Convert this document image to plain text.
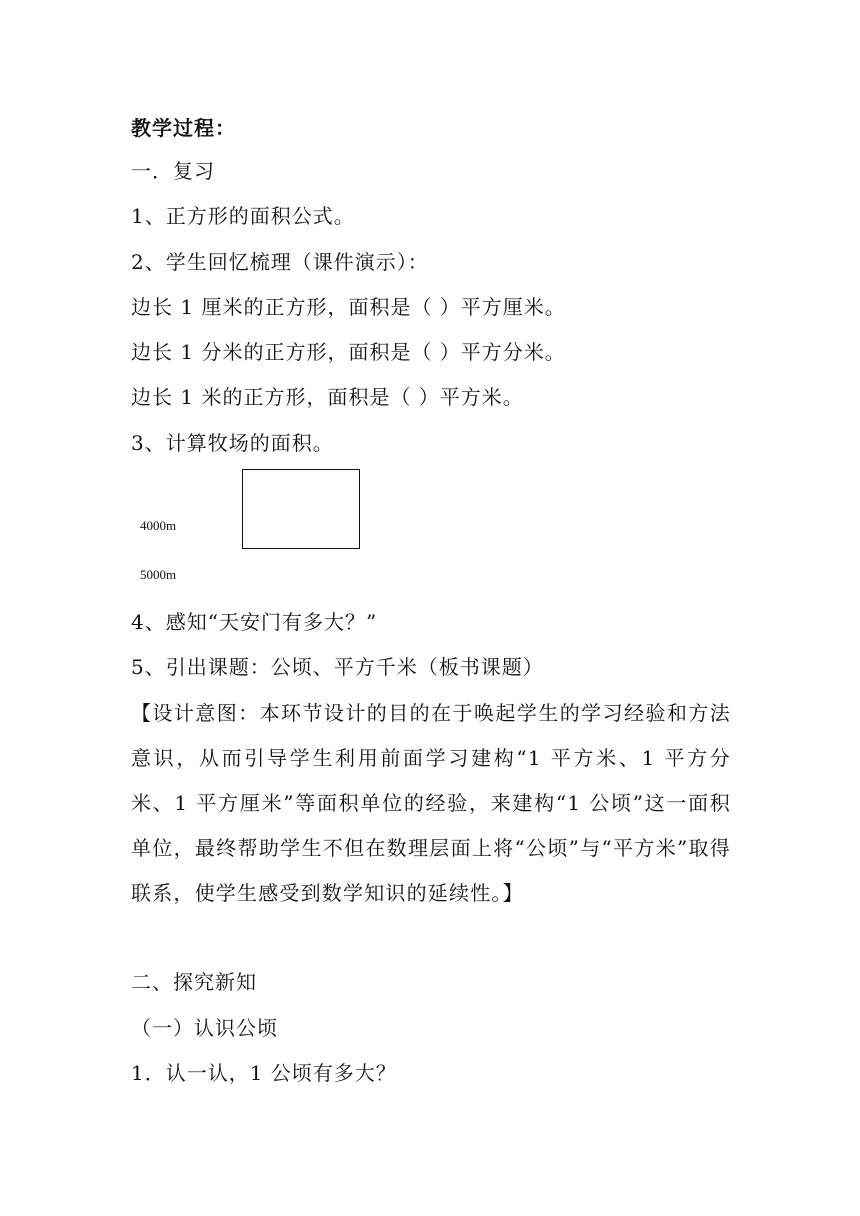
教学过程：
一．复习
1、正方形的面积公式。
2、学生回忆梳理（课件演示）：
边长 1 厘米的正方形，面积是（ ）平方厘米。
边长 1 分米的正方形，面积是（ ）平方分米。
边长 1 米的正方形，面积是（ ）平方米。
3、计算牧场的面积。
4000m
5000m
4、感知“天安门有多大？”
5、引出课题：公顷、平方千米（板书课题）
【设计意图：本环节设计的目的在于唤起学生的学习经验和方法意识，从而引导学生利用前面学习建构“1 平方米、1 平方分米、1 平方厘米”等面积单位的经验，来建构“1 公顷”这一面积单位，最终帮助学生不但在数理层面上将“公顷”与“平方米”取得联系，使学生感受到数学知识的延续性。】
二、探究新知
（一）认识公顷
1．认一认，1 公顷有多大？
